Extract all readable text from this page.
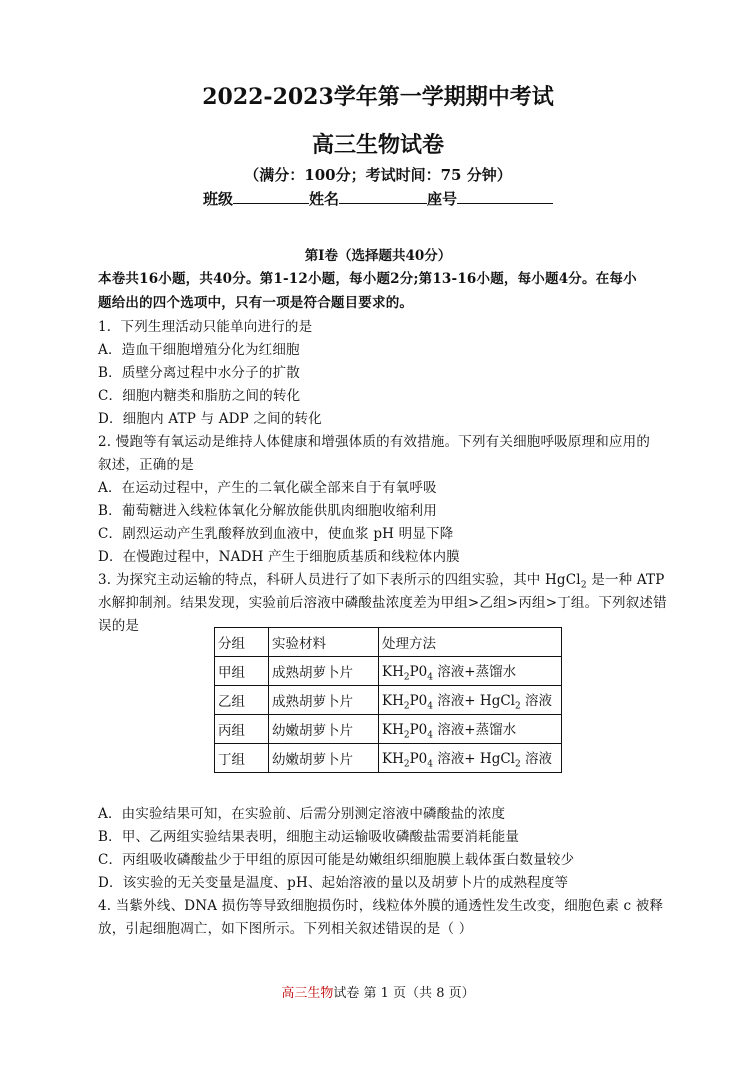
2022-2023学年第一学期期中考试
高三生物试卷
（满分：100分；考试时间：75 分钟）
班级	姓名	座号
第Ⅰ卷（选择题共40分）
本卷共16小题，共40分。第1-12小题，每小题2分;第13-16小题，每小题4分。在每小
题给出的四个选项中，只有一项是符合题目要求的。
1．下列生理活动只能单向进行的是
A．造血干细胞增殖分化为红细胞
B．质壁分离过程中水分子的扩散
C．细胞内糖类和脂肪之间的转化
D．细胞内 ATP 与 ADP 之间的转化
2. 慢跑等有氧运动是维持人体健康和增强体质的有效措施。下列有关细胞呼吸原理和应用的
叙述，正确的是
A．在运动过程中，产生的二氧化碳全部来自于有氧呼吸
B．葡萄糖进入线粒体氧化分解放能供肌肉细胞收缩利用
C．剧烈运动产生乳酸释放到血液中，使血浆 pH 明显下降
D．在慢跑过程中，NADH 产生于细胞质基质和线粒体内膜
3. 为探究主动运输的特点，科研人员进行了如下表所示的四组实验，其中 HgCl$_2$ 是一种 ATP
水解抑制剂。结果发现，实验前后溶液中磷酸盐浓度差为甲组>乙组>丙组>丁组。下列叙述错
误的是
分组	实验材料	处理方法
甲组	成熟胡萝卜片	$KH_2P0_4$ 溶液+蒸馏水
乙组	成熟胡萝卜片	$KH_2P0_4$ 溶液+ HgCl$_2$ 溶液
丙组	幼嫩胡萝卜片	$KH_2P0_4$ 溶液+蒸馏水
丁组	幼嫩胡萝卜片	$KH_2P0_4$ 溶液+ HgCl$_2$ 溶液
A．由实验结果可知，在实验前、后需分别测定溶液中磷酸盐的浓度
B．甲、乙两组实验结果表明，细胞主动运输吸收磷酸盐需要消耗能量
C．丙组吸收磷酸盐少于甲组的原因可能是幼嫩组织细胞膜上载体蛋白数量较少
D．该实验的无关变量是温度、pH、起始溶液的量以及胡萝卜片的成熟程度等
4. 当紫外线、DNA 损伤等导致细胞损伤时，线粒体外膜的通透性发生改变，细胞色素 c 被释
放，引起细胞凋亡，如下图所示。下列相关叙述错误的是（ ）
高三生物试卷 第 1 页（共 8 页）
